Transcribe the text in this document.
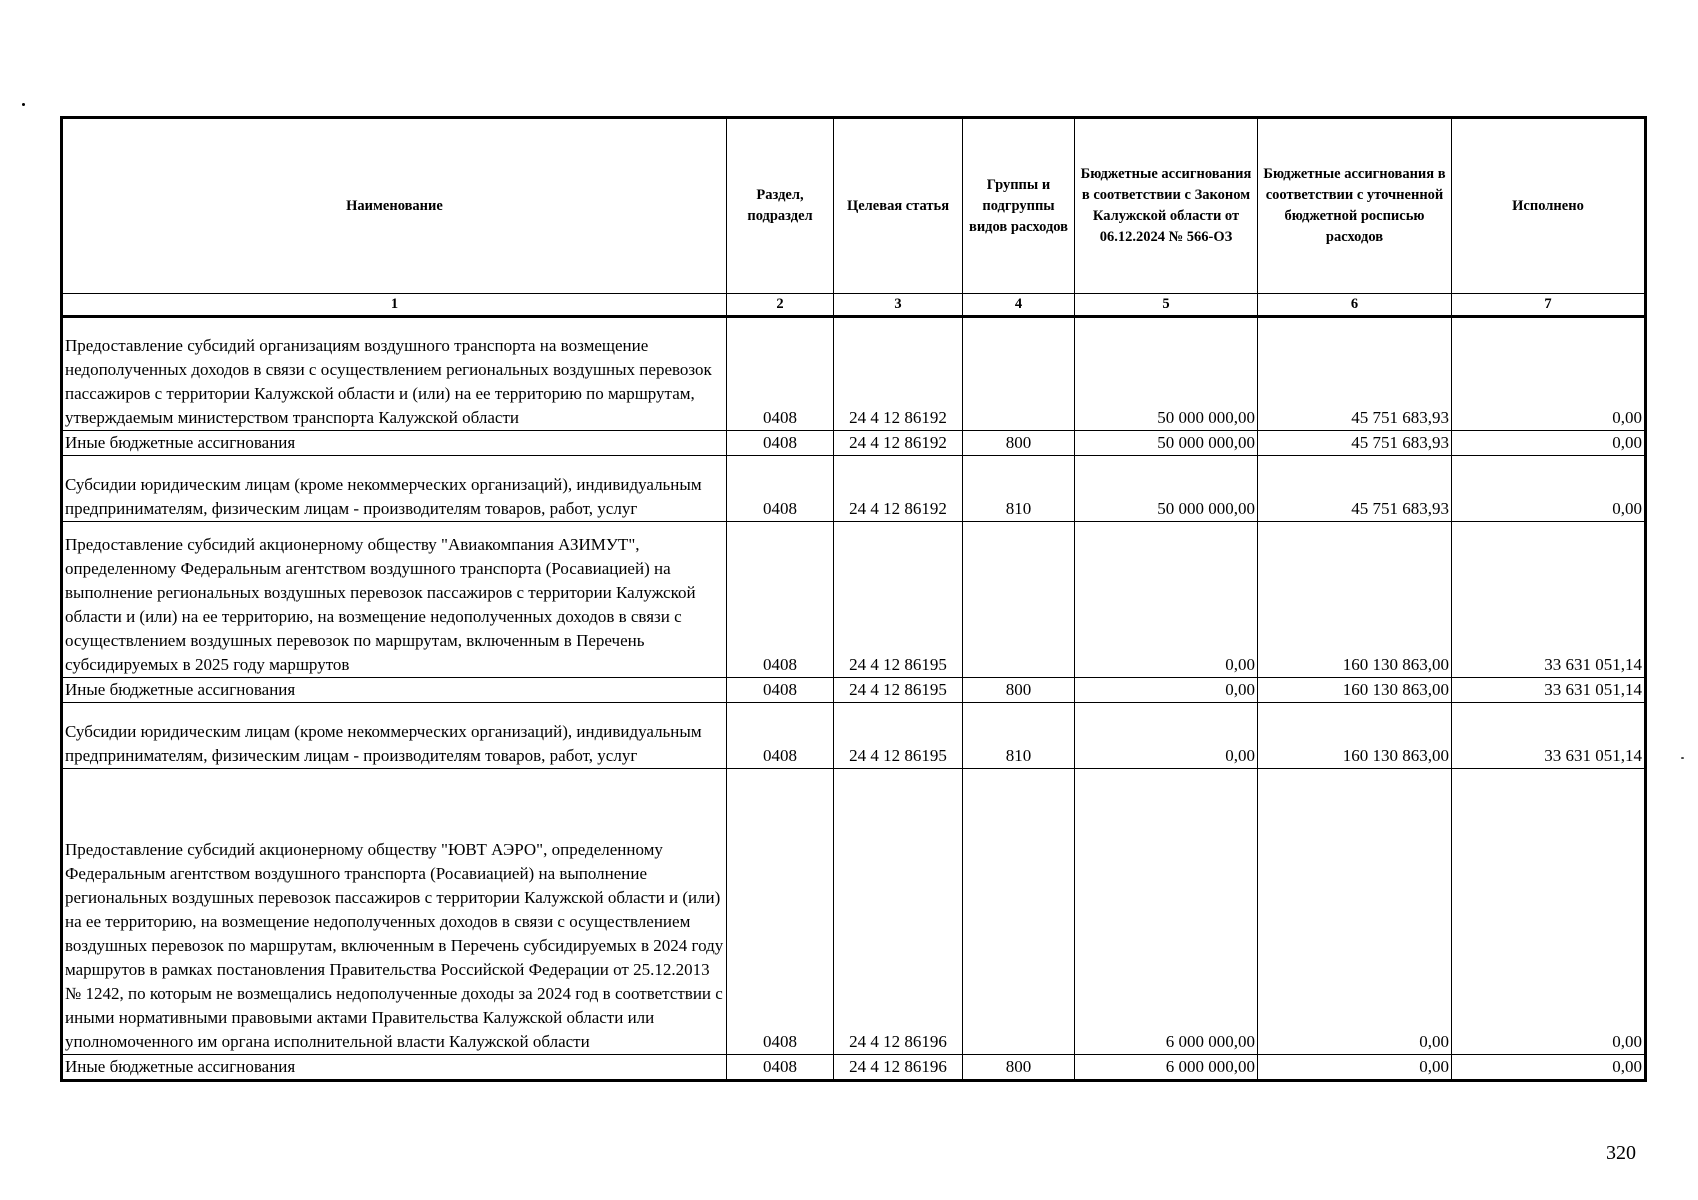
Наименование	Раздел, подраздел	Целевая статья	Группы и подгруппы видов расходов	Бюджетные ассигнования в соответствии с Законом Калужской области от 06.12.2024 № 566-ОЗ	Бюджетные ассигнования в соответствии с уточненной бюджетной росписью расходов	Исполнено
1	2	3	4	5	6	7
Предоставление субсидий организациям воздушного транспорта на возмещение недополученных доходов в связи с осуществлением региональных воздушных перевозок пассажиров с территории Калужской области и (или) на ее территорию по маршрутам, утверждаемым министерством транспорта Калужской области	0408	24 4 12 86192		50 000 000,00	45 751 683,93	0,00
Иные бюджетные ассигнования	0408	24 4 12 86192	800	50 000 000,00	45 751 683,93	0,00
Субсидии юридическим лицам (кроме некоммерческих организаций), индивидуальным предпринимателям, физическим лицам - производителям товаров, работ, услуг	0408	24 4 12 86192	810	50 000 000,00	45 751 683,93	0,00
Предоставление субсидий акционерному обществу "Авиакомпания АЗИМУТ", определенному Федеральным агентством воздушного транспорта (Росавиацией) на выполнение региональных воздушных перевозок пассажиров с территории Калужской области и (или) на ее территорию, на возмещение недополученных доходов в связи с осуществлением воздушных перевозок по маршрутам, включенным в Перечень субсидируемых в 2025 году маршрутов	0408	24 4 12 86195		0,00	160 130 863,00	33 631 051,14
Иные бюджетные ассигнования	0408	24 4 12 86195	800	0,00	160 130 863,00	33 631 051,14
Субсидии юридическим лицам (кроме некоммерческих организаций), индивидуальным предпринимателям, физическим лицам - производителям товаров, работ, услуг	0408	24 4 12 86195	810	0,00	160 130 863,00	33 631 051,14
Предоставление субсидий акционерному обществу "ЮВТ АЭРО", определенному Федеральным агентством воздушного транспорта (Росавиацией) на выполнение региональных воздушных перевозок пассажиров с территории Калужской области и (или) на ее территорию, на возмещение недополученных доходов в связи с осуществлением воздушных перевозок по маршрутам, включенным в Перечень субсидируемых в 2024 году маршрутов в рамках постановления Правительства Российской Федерации от 25.12.2013 № 1242, по которым не возмещались недополученные доходы за 2024 год в соответствии с иными нормативными правовыми актами Правительства Калужской области или уполномоченного им органа исполнительной власти Калужской области	0408	24 4 12 86196		6 000 000,00	0,00	0,00
Иные бюджетные ассигнования	0408	24 4 12 86196	800	6 000 000,00	0,00	0,00
320
